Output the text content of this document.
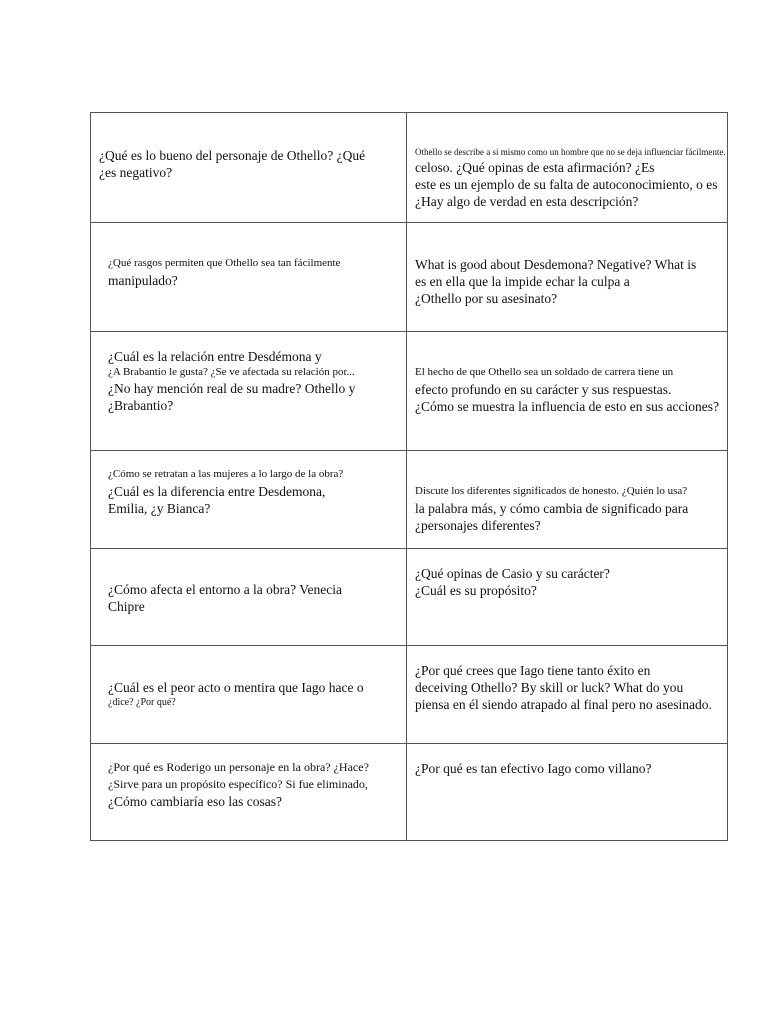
¿Qué es lo bueno del personaje de Othello? ¿Qué
¿es negativo?
Othello se describe a sí mismo como un hombre que no se deja influenciar fácilmente.
celoso. ¿Qué opinas de esta afirmación? ¿Es
este es un ejemplo de su falta de autoconocimiento, o es
¿Hay algo de verdad en esta descripción?
¿Qué rasgos permiten que Othello sea tan fácilmente
manipulado?
What is good about Desdemona? Negative? What is
es en ella que la impide echar la culpa a
¿Othello por su asesinato?
¿Cuál es la relación entre Desdémona y
¿A Brabantio le gusta? ¿Se ve afectada su relación por...
¿No hay mención real de su madre? Othello y
¿Brabantio?
El hecho de que Othello sea un soldado de carrera tiene un
efecto profundo en su carácter y sus respuestas.
¿Cómo se muestra la influencia de esto en sus acciones?
¿Cómo se retratan a las mujeres a lo largo de la obra?
¿Cuál es la diferencia entre Desdemona,
Emilia, ¿y Bianca?
Discute los diferentes significados de honesto. ¿Quién lo usa?
la palabra más, y cómo cambia de significado para
¿personajes diferentes?
¿Cómo afecta el entorno a la obra? Venecia
Chipre
¿Qué opinas de Casio y su carácter?
¿Cuál es su propósito?
¿Cuál es el peor acto o mentira que Iago hace o
¿dice? ¿Por qué?
¿Por qué crees que Iago tiene tanto éxito en
deceiving Othello? By skill or luck? What do you
piensa en él siendo atrapado al final pero no asesinado.
¿Por qué es Roderigo un personaje en la obra? ¿Hace?
¿Sirve para un propósito específico? Si fue eliminado,
¿Cómo cambiaría eso las cosas?
¿Por qué es tan efectivo Iago como villano?
